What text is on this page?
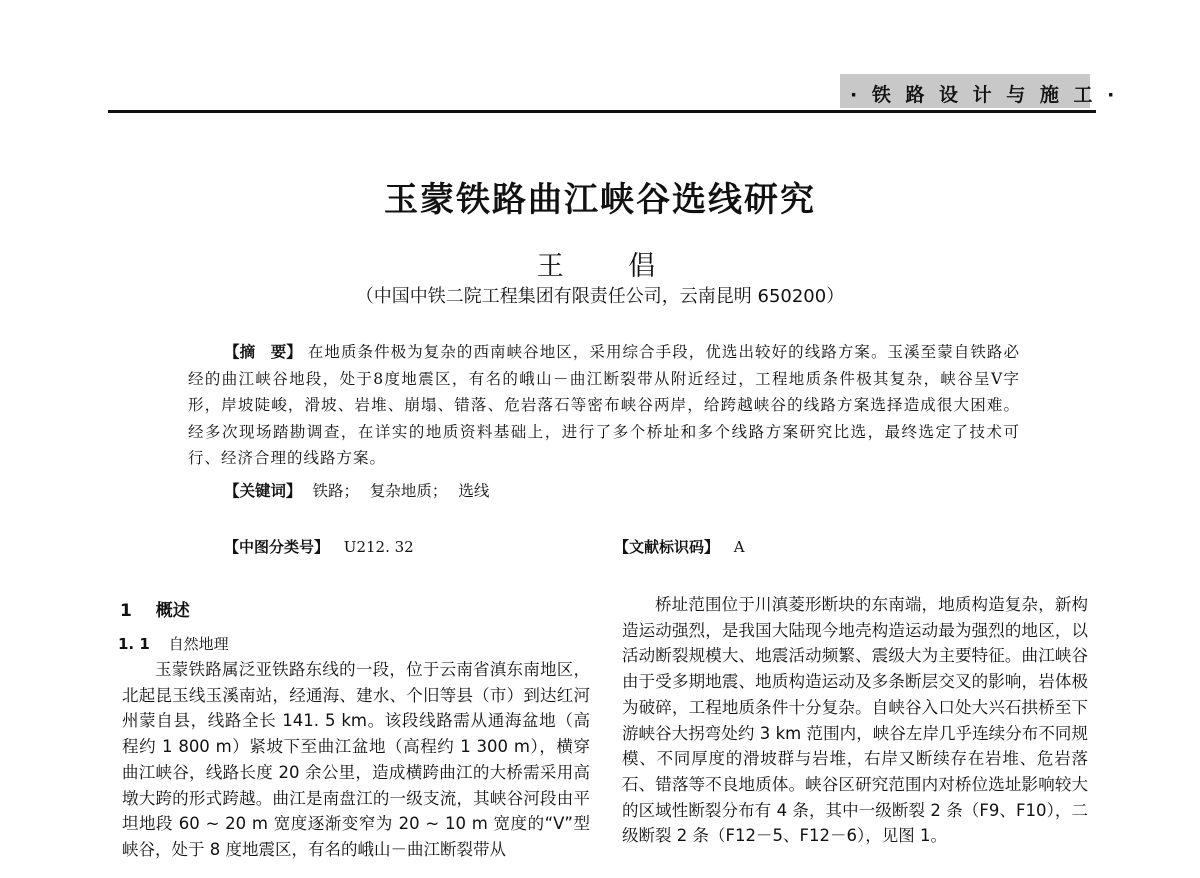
· 铁 路 设 计 与 施 工 ·
玉蒙铁路曲江峡谷选线研究
王 倡
（中国中铁二院工程集团有限责任公司，云南昆明 650200）
【摘　要】 在地质条件极为复杂的西南峡谷地区，采用综合手段，优选出较好的线路方案。玉溪至蒙自铁路必经的曲江峡谷地段，处于8度地震区，有名的峨山－曲江断裂带从附近经过，工程地质条件极其复杂，峡谷呈V字形，岸坡陡峻，滑坡、岩堆、崩塌、错落、危岩落石等密布峡谷两岸，给跨越峡谷的线路方案选择造成很大困难。经多次现场踏勘调查，在详实的地质资料基础上，进行了多个桥址和多个线路方案研究比选，最终选定了技术可行、经济合理的线路方案。
【关键词】 铁路； 复杂地质； 选线
【中图分类号】 U212. 32	【文献标识码】 A
1 概述
1. 1 自然地理

玉蒙铁路属泛亚铁路东线的一段，位于云南省滇东南地区，北起昆玉线玉溪南站，经通海、建水、个旧等县（市）到达红河州蒙自县，线路全长 141. 5 km。该段线路需从通海盆地（高程约 1 800 m）紧坡下至曲江盆地（高程约 1 300 m），横穿曲江峡谷，线路长度 20 余公里，造成横跨曲江的大桥需采用高墩大跨的形式跨越。曲江是南盘江的一级支流，其峡谷河段由平坦地段 60 ~ 20 m 宽度逐渐变窄为 20 ~ 10 m 宽度的“V”型峡谷，处于 8 度地震区，有名的峨山－曲江断裂带从

桥址范围位于川滇菱形断块的东南端，地质构造复杂，新构造运动强烈，是我国大陆现今地壳构造运动最为强烈的地区，以活动断裂规模大、地震活动频繁、震级大为主要特征。曲江峡谷由于受多期地震、地质构造运动及多条断层交叉的影响，岩体极为破碎，工程地质条件十分复杂。自峡谷入口处大兴石拱桥至下游峡谷大拐弯处约 3 km 范围内，峡谷左岸几乎连续分布不同规模、不同厚度的滑坡群与岩堆，右岸又断续存在岩堆、危岩落石、错落等不良地质体。峡谷区研究范围内对桥位选址影响较大的区域性断裂分布有 4 条，其中一级断裂 2 条（F9、F10），二级断裂 2 条（F12－5、F12－6），见图 1。
